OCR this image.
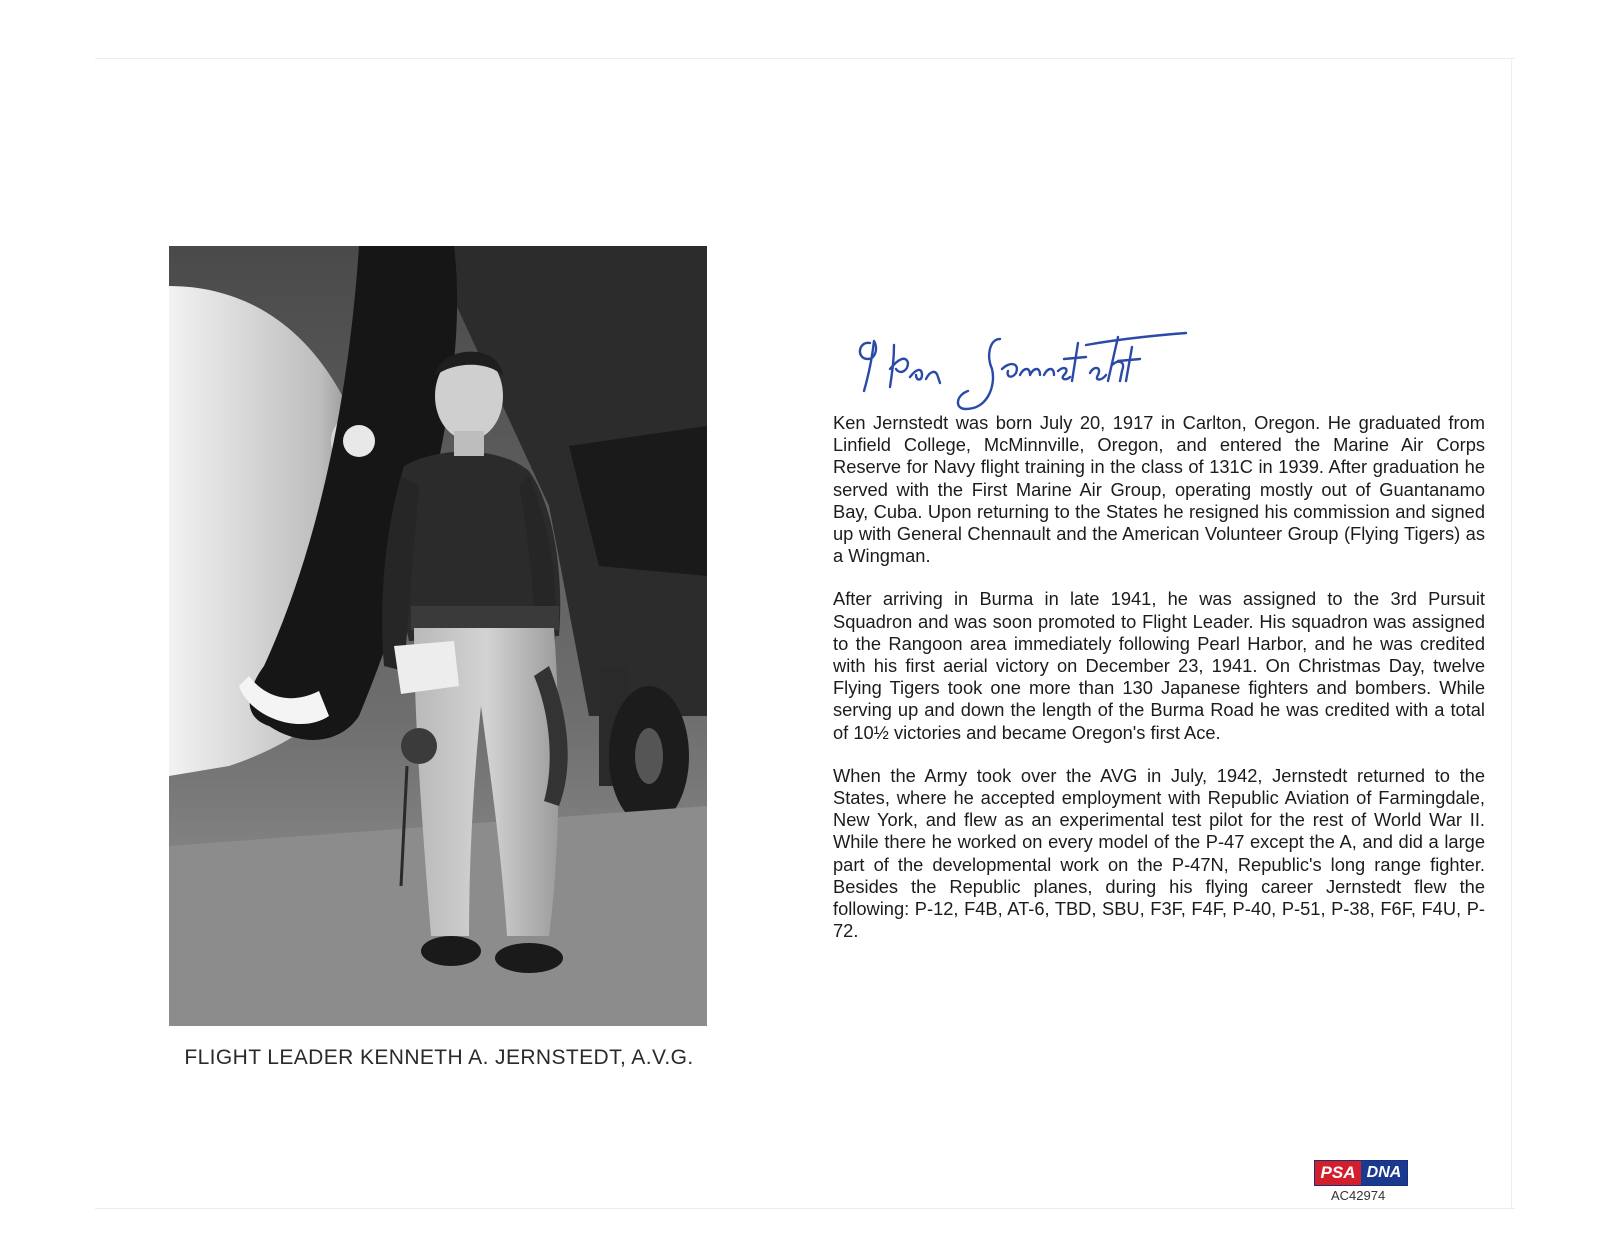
FLIGHT LEADER KENNETH A. JERNSTEDT, A.V.G.

Ken Jernstedt was born July 20, 1917 in Carlton, Oregon. He graduated from Linfield College, McMinnville, Oregon, and entered the Marine Air Corps Reserve for Navy flight training in the class of 131C in 1939. After graduation he served with the First Marine Air Group, operating mostly out of Guantanamo Bay, Cuba. Upon returning to the States he resigned his commission and signed up with General Chennault and the American Volunteer Group (Flying Tigers) as a Wingman.

After arriving in Burma in late 1941, he was assigned to the 3rd Pursuit Squadron and was soon promoted to Flight Leader. His squadron was assigned to the Rangoon area immediately following Pearl Harbor, and he was credited with his first aerial victory on December 23, 1941. On Christmas Day, twelve Flying Tigers took one more than 130 Japanese fighters and bombers. While serving up and down the length of the Burma Road he was credited with a total of 10½ victories and became Oregon's first Ace.

When the Army took over the AVG in July, 1942, Jernstedt returned to the States, where he accepted employment with Republic Aviation of Farmingdale, New York, and flew as an experimental test pilot for the rest of World War II. While there he worked on every model of the P-47 except the A, and did a large part of the developmental work on the P-47N, Republic's long range fighter. Besides the Republic planes, during his flying career Jernstedt flew the following: P-12, F4B, AT-6, TBD, SBU, F3F, F4F, P-40, P-51, P-38, F6F, F4U, P-72.

PSA DNA
AC42974
